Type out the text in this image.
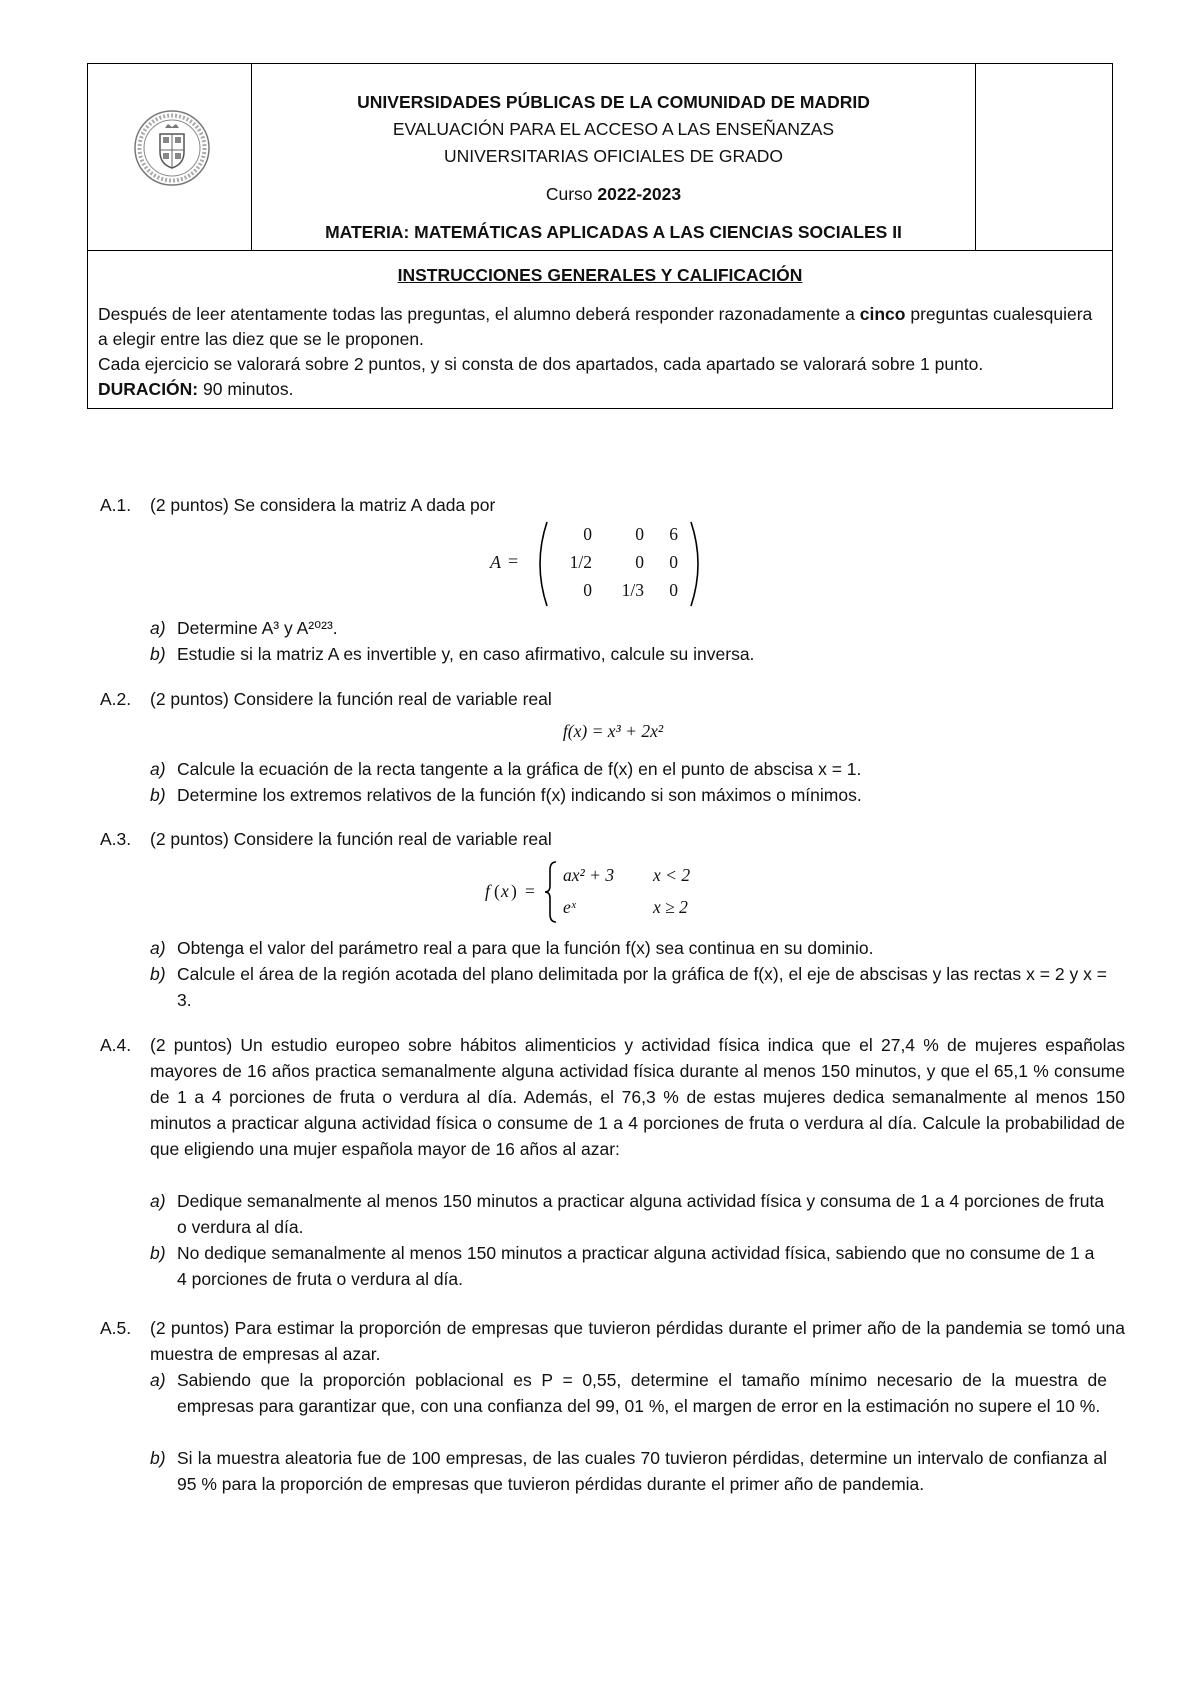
UNIVERSIDADES PÚBLICAS DE LA COMUNIDAD DE MADRID
EVALUACIÓN PARA EL ACCESO A LAS ENSEÑANZAS
UNIVERSITARIAS OFICIALES DE GRADO
Curso 2022-2023
MATERIA: MATEMÁTICAS APLICADAS A LAS CIENCIAS SOCIALES II
INSTRUCCIONES GENERALES Y CALIFICACIÓN
Después de leer atentamente todas las preguntas, el alumno deberá responder razonadamente a cinco preguntas cualesquiera a elegir entre las diez que se le proponen.
Cada ejercicio se valorará sobre 2 puntos, y si consta de dos apartados, cada apartado se valorará sobre 1 punto.
DURACIÓN: 90 minutos.
A.1. (2 puntos) Se considera la matriz A dada por
A =
0	0	6
1/2	0	0
0	1/3	0
a) Determine A³ y A²⁰²³.
b) Estudie si la matriz A es invertible y, en caso afirmativo, calcule su inversa.
A.2. (2 puntos) Considere la función real de variable real
f(x) = x³ + 2x²
a) Calcule la ecuación de la recta tangente a la gráfica de f(x) en el punto de abscisa x = 1.
b) Determine los extremos relativos de la función f(x) indicando si son máximos o mínimos.
A.3. (2 puntos) Considere la función real de variable real
f ( x ) =
ax² + 3 x < 2
eˣ	x ≥ 2
a) Obtenga el valor del parámetro real a para que la función f(x) sea continua en su dominio.
b) Calcule el área de la región acotada del plano delimitada por la gráfica de f(x), el eje de abscisas y las rectas x = 2 y x = 3.
A.4. (2 puntos) Un estudio europeo sobre hábitos alimenticios y actividad física indica que el 27,4 % de mujeres españolas mayores de 16 años practica semanalmente alguna actividad física durante al menos 150 minutos, y que el 65,1 % consume de 1 a 4 porciones de fruta o verdura al día. Además, el 76,3 % de estas mujeres dedica semanalmente al menos 150 minutos a practicar alguna actividad física o consume de 1 a 4 porciones de fruta o verdura al día. Calcule la probabilidad de que eligiendo una mujer española mayor de 16 años al azar:
a) Dedique semanalmente al menos 150 minutos a practicar alguna actividad física y consuma de 1 a 4 porciones de fruta o verdura al día.
b) No dedique semanalmente al menos 150 minutos a practicar alguna actividad física, sabiendo que no consume de 1 a 4 porciones de fruta o verdura al día.
A.5. (2 puntos) Para estimar la proporción de empresas que tuvieron pérdidas durante el primer año de la pandemia se tomó una muestra de empresas al azar.
a) Sabiendo que la proporción poblacional es P = 0,55, determine el tamaño mínimo necesario de la muestra de empresas para garantizar que, con una confianza del 99, 01 %, el margen de error en la estimación no supere el 10 %.
b) Si la muestra aleatoria fue de 100 empresas, de las cuales 70 tuvieron pérdidas, determine un intervalo de confianza al 95 % para la proporción de empresas que tuvieron pérdidas durante el primer año de pandemia.
